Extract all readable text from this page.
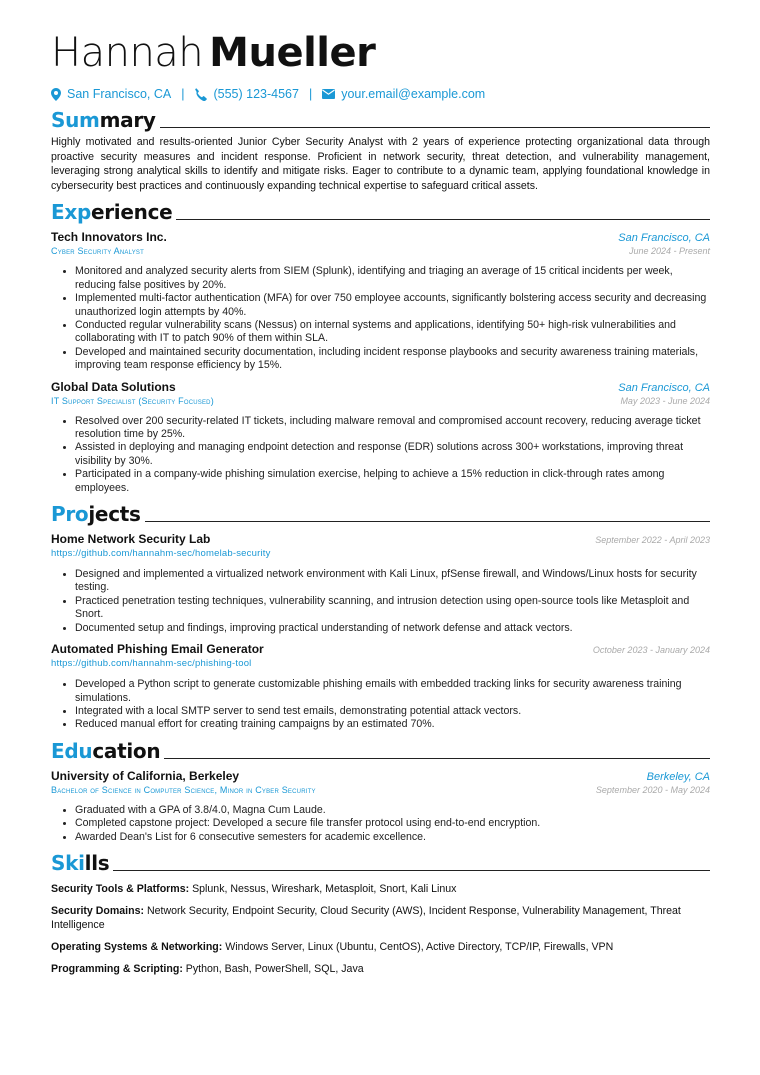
Hannah Mueller
San Francisco, CA | (555) 123-4567 | your.email@example.com
Summary

Highly motivated and results-oriented Junior Cyber Security Analyst with 2 years of experience protecting organizational data through proactive security measures and incident response. Proficient in network security, threat detection, and vulnerability management, leveraging strong analytical skills to identify and mitigate risks. Eager to contribute to a dynamic team, applying foundational knowledge in cybersecurity best practices and continuously expanding technical expertise to safeguard critical assets.

Experience
Tech Innovators Inc.	San Francisco, CA
Cyber Security Analyst	June 2024 - Present
• Monitored and analyzed security alerts from SIEM (Splunk), identifying and triaging an average of 15 critical incidents per week, reducing false positives by 20%.
• Implemented multi-factor authentication (MFA) for over 750 employee accounts, significantly bolstering access security and decreasing unauthorized login attempts by 40%.
• Conducted regular vulnerability scans (Nessus) on internal systems and applications, identifying 50+ high-risk vulnerabilities and collaborating with IT to patch 90% of them within SLA.
• Developed and maintained security documentation, including incident response playbooks and security awareness training materials, improving team response efficiency by 15%.
Global Data Solutions	San Francisco, CA
IT Support Specialist (Security Focused)	May 2023 - June 2024
• Resolved over 200 security-related IT tickets, including malware removal and compromised account recovery, reducing average ticket resolution time by 25%.
• Assisted in deploying and managing endpoint detection and response (EDR) solutions across 300+ workstations, improving threat visibility by 30%.
• Participated in a company-wide phishing simulation exercise, helping to achieve a 15% reduction in click-through rates among employees.
Projects
Home Network Security Lab	September 2022 - April 2023
https://github.com/hannahm-sec/homelab-security
• Designed and implemented a virtualized network environment with Kali Linux, pfSense firewall, and Windows/Linux hosts for security testing.
• Practiced penetration testing techniques, vulnerability scanning, and intrusion detection using open-source tools like Metasploit and Snort.
• Documented setup and findings, improving practical understanding of network defense and attack vectors.
Automated Phishing Email Generator	October 2023 - January 2024
https://github.com/hannahm-sec/phishing-tool
• Developed a Python script to generate customizable phishing emails with embedded tracking links for security awareness training simulations.
• Integrated with a local SMTP server to send test emails, demonstrating potential attack vectors.
• Reduced manual effort for creating training campaigns by an estimated 70%.
Education
University of California, Berkeley	Berkeley, CA
Bachelor of Science in Computer Science, Minor in Cyber Security	September 2020 - May 2024
• Graduated with a GPA of 3.8/4.0, Magna Cum Laude.
• Completed capstone project: Developed a secure file transfer protocol using end-to-end encryption.
• Awarded Dean's List for 6 consecutive semesters for academic excellence.
Skills
Security Tools & Platforms: Splunk, Nessus, Wireshark, Metasploit, Snort, Kali Linux
Security Domains: Network Security, Endpoint Security, Cloud Security (AWS), Incident Response, Vulnerability Management, Threat Intelligence
Operating Systems & Networking: Windows Server, Linux (Ubuntu, CentOS), Active Directory, TCP/IP, Firewalls, VPN
Programming & Scripting: Python, Bash, PowerShell, SQL, Java
